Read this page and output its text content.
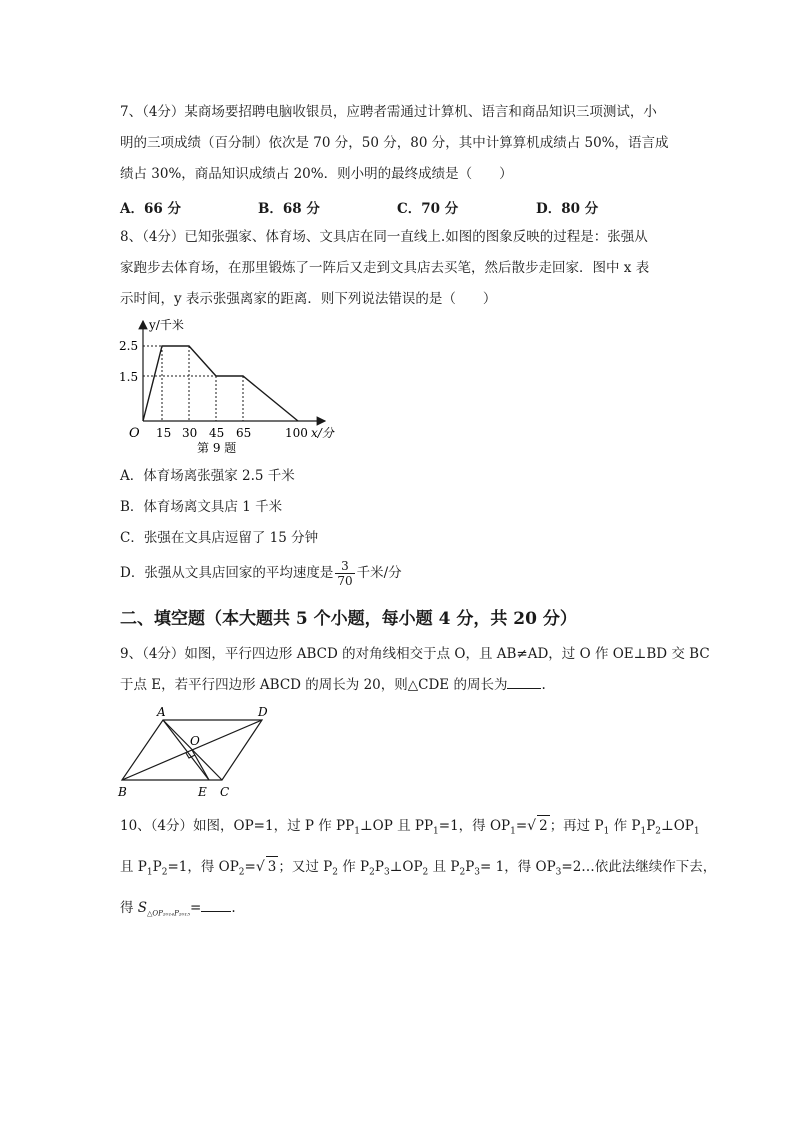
7、（4分）某商场要招聘电脑收银员，应聘者需通过计算机、语言和商品知识三项测试，小
明的三项成绩（百分制）依次是 70 分，50 分，80 分，其中计算算机成绩占 50%，语言成
绩占 30%，商品知识成绩占 20%．则小明的最终成绩是（　　）
A．66 分	B．68 分	C．70 分	D．80 分
8、（4分）已知张强家、体育场、文具店在同一直线上.如图的图象反映的过程是：张强从
家跑步去体育场，在那里锻炼了一阵后又走到文具店去买笔，然后散步走回家．图中 x 表
示时间，y 表示张强离家的距离．则下列说法错误的是（　　）
y/千米
x/分
O
2.5
1.5
15 30 45 65	100
第 9 题
A．体育场离张强家 2.5 千米
B．体育场离文具店 1 千米
C．张强在文具店逗留了 15 分钟
D．张强从文具店回家的平均速度是 $\frac{3}{70}$ 千米/分
二、填空题（本大题共 5 个小题，每小题 4 分，共 20 分）
9、（4分）如图，平行四边形 ABCD 的对角线相交于点 O，且 AB≠AD，过 O 作 OE⊥BD 交 BC
于点 E，若平行四边形 ABCD 的周长为 20，则△CDE 的周长为	.
A	D
O
B	E C
10、（4分）如图，OP=1，过 P 作 $PP_1\perp OP$ 且 $PP_1=1$，得 $OP_1=√$ 2 ；再过 $P_1$ 作 $P_1P_2\perp OP_1$
且 $P_1P_2=1$，得 $OP_2=√$ 3 ；又过 $P_2$ 作 $P_2P_3\perp OP_2$ 且 $P_2P_3= 1$，得 $OP_3=2\dots$依此法继续作下去，
得 $S_{\triangle OP_{2014}P_{2015}}=$ .
